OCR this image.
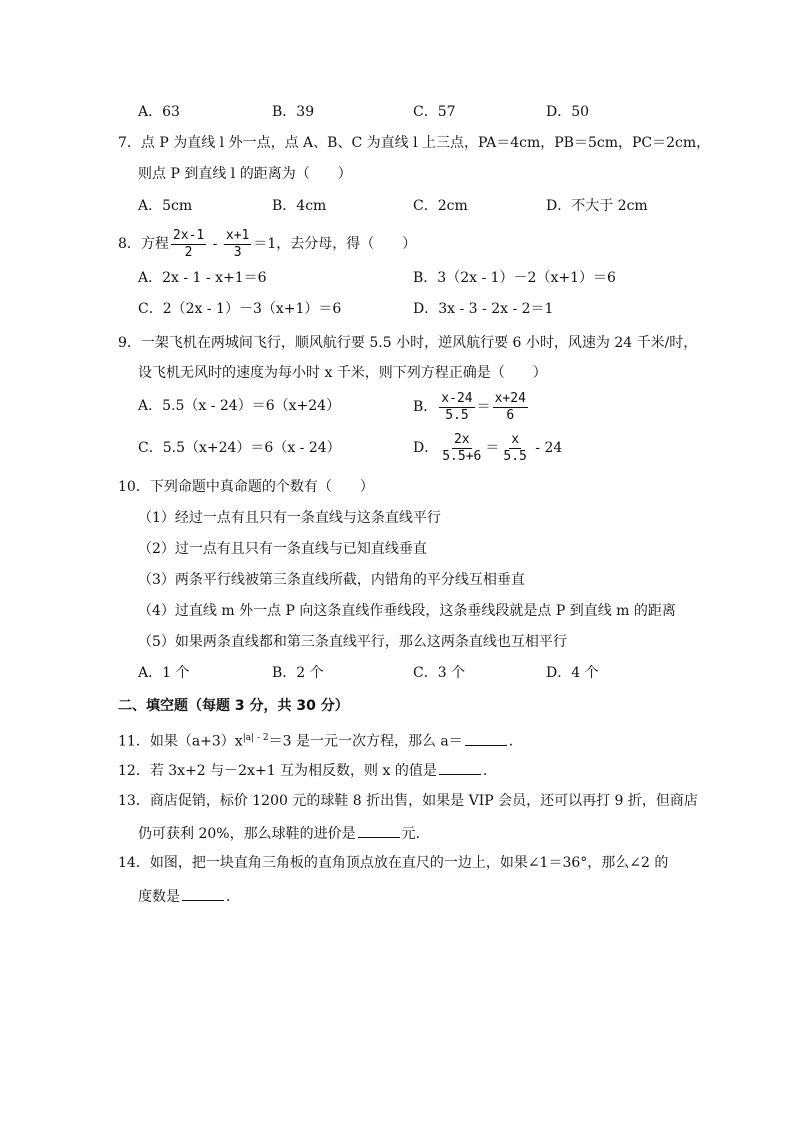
A．63	B．39	C．57	D．50
7．点 P 为直线 l 外一点，点 A、B、C 为直线 l 上三点，PA＝4cm，PB＝5cm，PC＝2cm，
则点 P 到直线 l 的距离为（　　）
A．5cm	B．4cm	C．2cm	D．不大于 2cm
8．方程 $\frac{2x-1}{2} - \frac{x+1}{3} =1$，去分母，得（　　）
A．2x - 1 - x+1＝6	B．3（2x - 1）－2（x+1）＝6
C．2（2x - 1）－3（x+1）＝6	D．3x - 3 - 2x - 2＝1
9．一架飞机在两城间飞行，顺风航行要 5.5 小时，逆风航行要 6 小时，风速为 24 千米/时，
设飞机无风时的速度为每小时 x 千米，则下列方程正确是（　　）
A．5.5（x - 24）＝6（x+24）	B． $\frac{x-24}{5.5} = \frac{x+24}{6}$
C．5.5（x+24）＝6（x - 24）	D． $\frac{2x}{5.5+6} = \frac{x}{5.5} - 24$
10．下列命题中真命题的个数有（　　）
（1）经过一点有且只有一条直线与这条直线平行
（2）过一点有且只有一条直线与已知直线垂直
（3）两条平行线被第三条直线所截，内错角的平分线互相垂直
（4）过直线 m 外一点 P 向这条直线作垂线段，这条垂线段就是点 P 到直线 m 的距离
（5）如果两条直线都和第三条直线平行，那么这两条直线也互相平行
A．1 个	B．2 个	C．3 个	D．4 个
二、填空题（每题 3 分，共 30 分）
11．如果$(a+3)x^{|a| - 2}=3$ 是一元一次方程，那么 a＝	．
12．若 3x+2 与－2x+1 互为相反数，则 x 的值是	．
13．商店促销，标价 1200 元的球鞋 8 折出售，如果是 VIP 会员，还可以再打 9 折，但商店
仍可获利 20%，那么球鞋的进价是	元．
14．如图，把一块直角三角板的直角顶点放在直尺的一边上，如果∠1＝36°，那么∠2 的
度数是	．
